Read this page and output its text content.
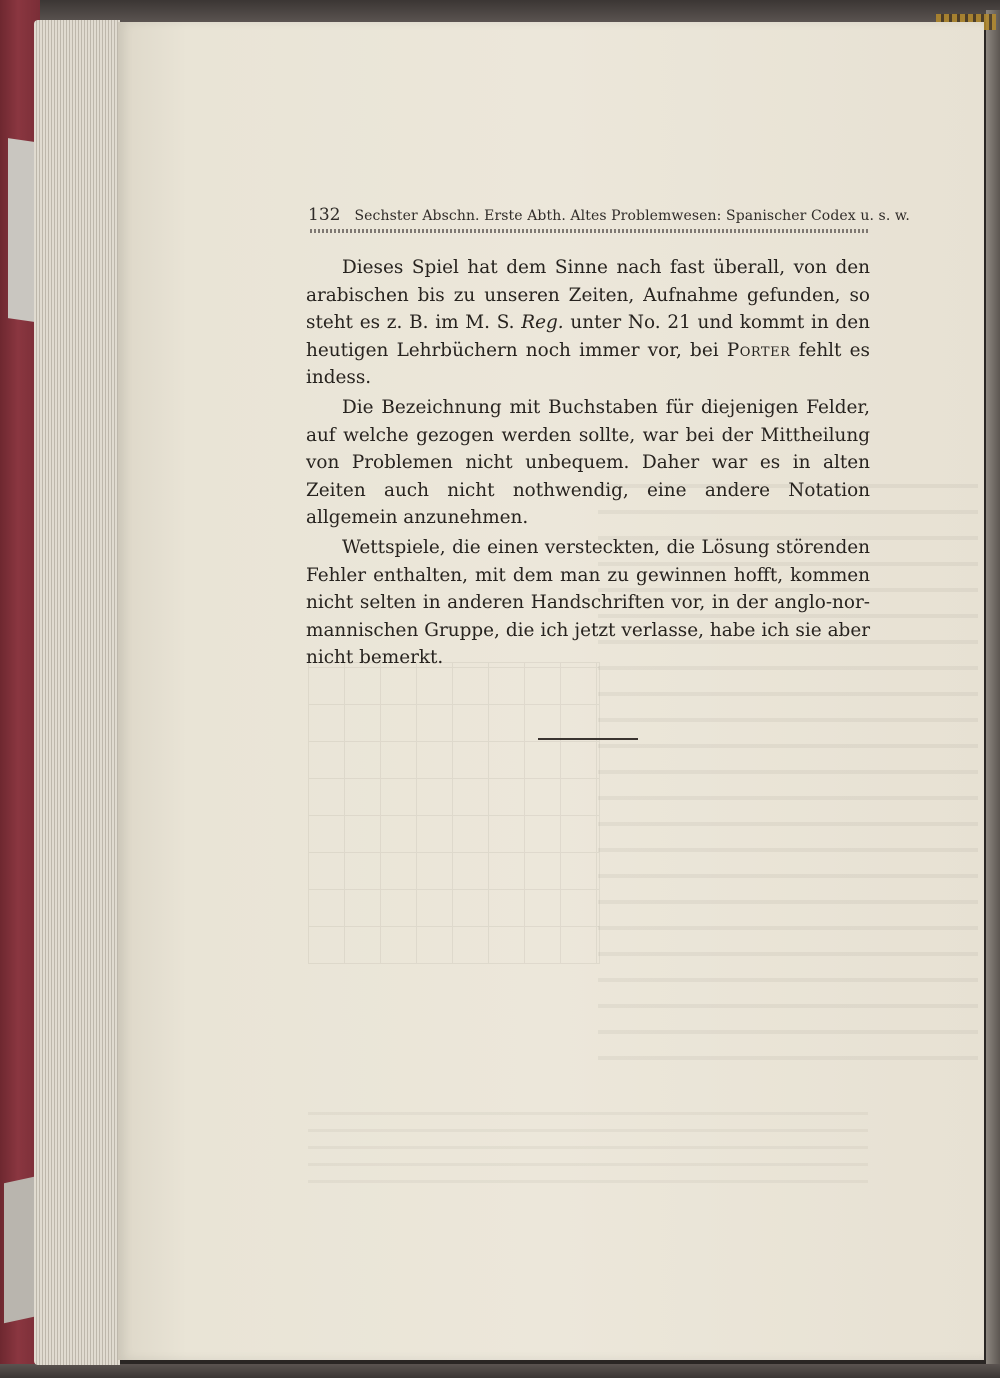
132 Sechster Abschn. Erste Abth. Altes Problemwesen: Spanischer Codex u. s. w.

Dieses Spiel hat dem Sinne nach fast überall, von den arabischen bis zu unseren Zeiten, Aufnahme gefunden, so steht es z. B. im M. S. Reg. unter No. 21 und kommt in den heutigen Lehrbüchern noch immer vor, bei Porter fehlt es indess.

Die Bezeichnung mit Buchstaben für diejenigen Felder, auf welche gezogen werden sollte, war bei der Mittheilung von Problemen nicht unbequem. Daher war es in alten Zeiten auch nicht nothwendig, eine andere Notation allgemein anzunehmen.

Wettspiele, die einen versteckten, die Lösung störenden Fehler enthalten, mit dem man zu gewinnen hofft, kommen nicht selten in anderen Handschriften vor, in der anglo-normannischen Gruppe, die ich jetzt verlasse, habe ich sie aber nicht bemerkt.
